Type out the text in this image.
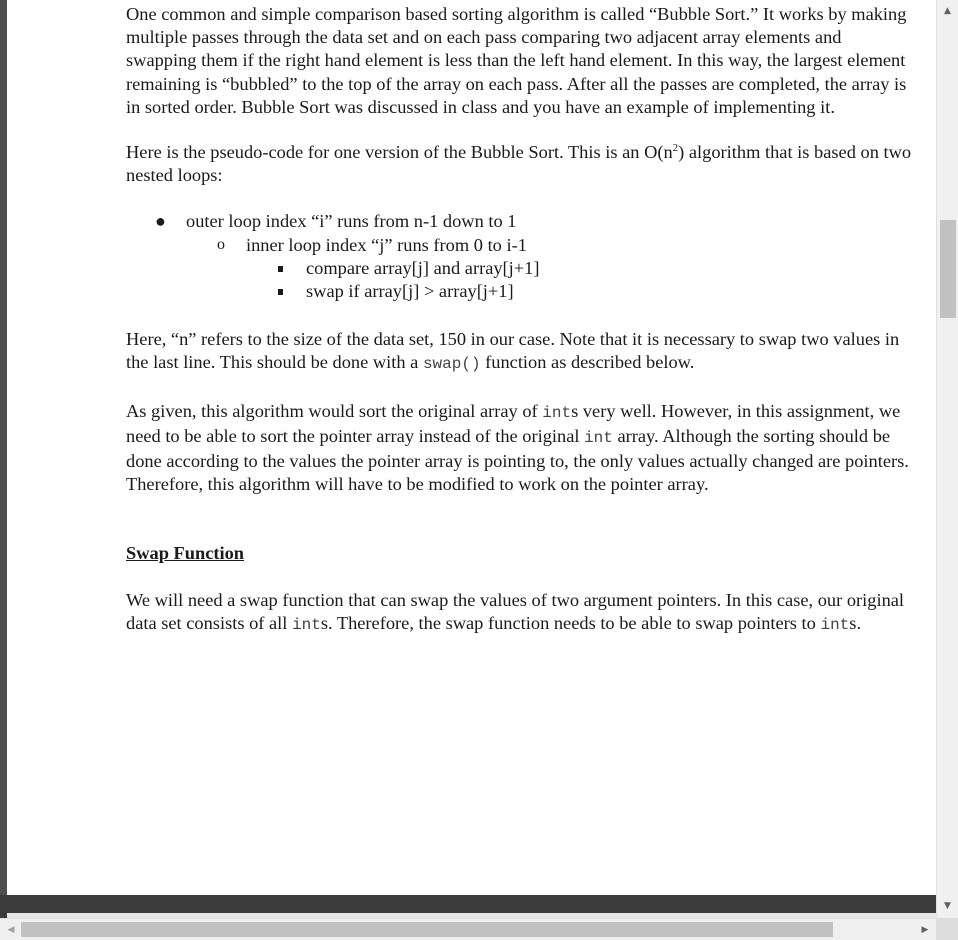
One common and simple comparison based sorting algorithm is called “Bubble Sort.” It works by making multiple passes through the data set and on each pass comparing two adjacent array elements and swapping them if the right hand element is less than the left hand element. In this way, the largest element remaining is “bubbled” to the top of the array on each pass. After all the passes are completed, the array is in sorted order. Bubble Sort was discussed in class and you have an example of implementing it.

Here is the pseudo-code for one version of the Bubble Sort. This is an $O(n^2)$ algorithm that is based on two nested loops:

● outer loop index “i” runs from n-1 down to 1
o inner loop index “j” runs from 0 to i-1
compare array[j] and array[j+1]
swap if array[j] > array[j+1]

Here, “n” refers to the size of the data set, 150 in our case. Note that it is necessary to swap two values in the last line. This should be done with a swap() function as described below.

As given, this algorithm would sort the original array of ints very well. However, in this assignment, we need to be able to sort the pointer array instead of the original int array. Although the sorting should be done according to the values the pointer array is pointing to, the only values actually changed are pointers. Therefore, this algorithm will have to be modified to work on the pointer array.

Swap Function

We will need a swap function that can swap the values of two argument pointers. In this case, our original data set consists of all ints. Therefore, the swap function needs to be able to swap pointers to ints.

▲
▼
◀	▶
